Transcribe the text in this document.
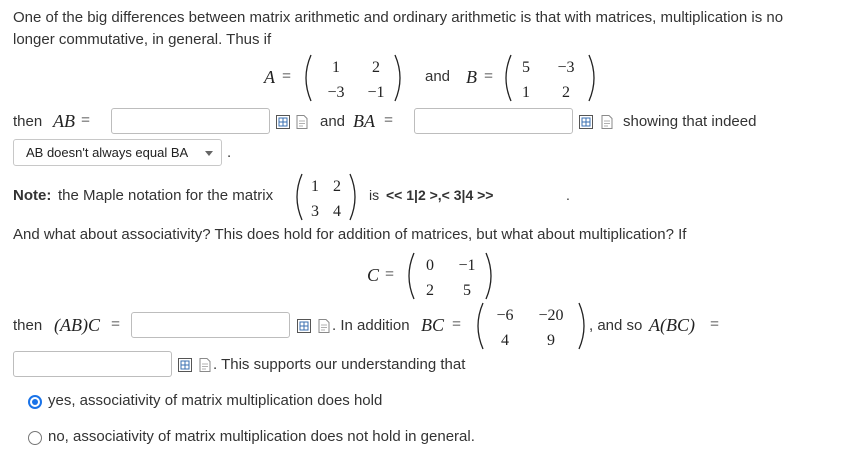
One of the big differences between matrix arithmetic and ordinary arithmetic is that with matrices, multiplication is no
longer commutative, in general. Thus if
A =
1 2
−3 −1
and B =
5 −3
1 2
then AB =	and BA =	showing that indeed
AB doesn't always equal BA	.
Note: the Maple notation for the matrix
1 2
3 4
is << 1|2 >,< 3|4 >>	.
And what about associativity? This does hold for addition of matrices, but what about multiplication? If
C =
0 −1
2 5
then (AB)C =	. In addition BC =
−6 −20
4 9
, and so A(BC) =
. This supports our understanding that
yes, associativity of matrix multiplication does hold
no, associativity of matrix multiplication does not hold in general.
